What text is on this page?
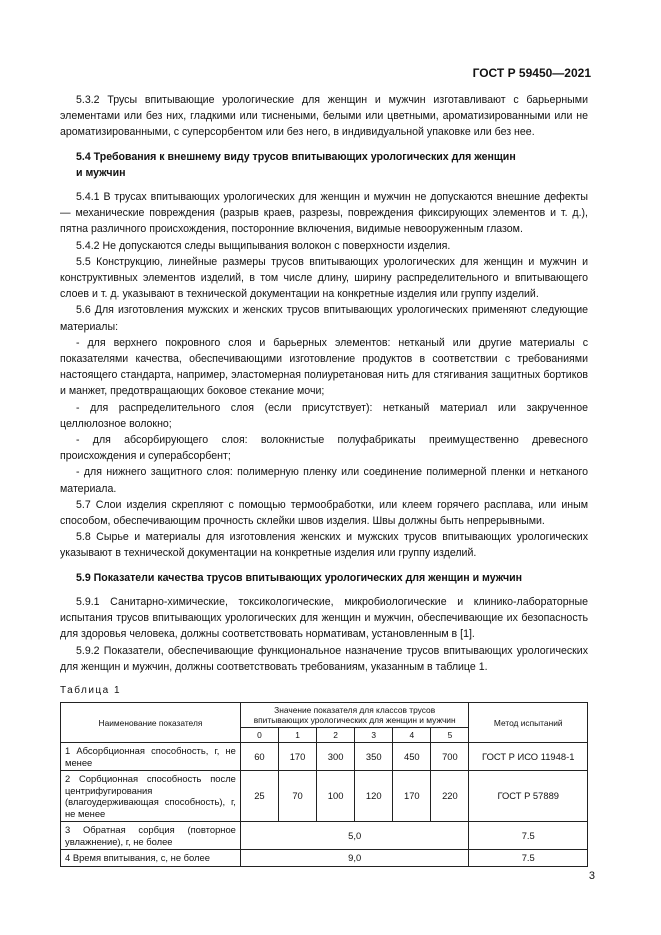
ГОСТ Р 59450—2021

5.3.2 Трусы впитывающие урологические для женщин и мужчин изготавливают с барьерными элементами или без них, гладкими или тиснеными, белыми или цветными, ароматизированными или не ароматизированными, с суперсорбентом или без него, в индивидуальной упаковке или без нее.

5.4 Требования к внешнему виду трусов впитывающих урологических для женщин

и мужчин

5.4.1 В трусах впитывающих урологических для женщин и мужчин не допускаются внешние дефекты — механические повреждения (разрыв краев, разрезы, повреждения фиксирующих элементов и т. д.), пятна различного происхождения, посторонние включения, видимые невооруженным глазом.

5.4.2 Не допускаются следы выщипывания волокон с поверхности изделия.

5.5 Конструкцию, линейные размеры трусов впитывающих урологических для женщин и мужчин и конструктивных элементов изделий, в том числе длину, ширину распределительного и впитывающего слоев и т. д. указывают в технической документации на конкретные изделия или группу изделий.

5.6 Для изготовления мужских и женских трусов впитывающих урологических применяют следующие материалы:

- для верхнего покровного слоя и барьерных элементов: нетканый или другие материалы с показателями качества, обеспечивающими изготовление продуктов в соответствии с требованиями настоящего стандарта, например, эластомерная полиуретановая нить для стягивания защитных бортиков и манжет, предотвращающих боковое стекание мочи;

- для распределительного слоя (если присутствует): нетканый материал или закрученное целлюлозное волокно;

- для абсорбирующего слоя: волокнистые полуфабрикаты преимущественно древесного происхождения и суперабсорбент;

- для нижнего защитного слоя: полимерную пленку или соединение полимерной пленки и нетканого материала.

5.7 Слои изделия скрепляют с помощью термообработки, или клеем горячего расплава, или иным способом, обеспечивающим прочность склейки швов изделия. Швы должны быть непрерывными.

5.8 Сырье и материалы для изготовления женских и мужских трусов впитывающих урологических указывают в технической документации на конкретные изделия или группу изделий.

5.9 Показатели качества трусов впитывающих урологических для женщин и мужчин

5.9.1 Санитарно-химические, токсикологические, микробиологические и клинико-лабораторные испытания трусов впитывающих урологических для женщин и мужчин, обеспечивающие их безопасность для здоровья человека, должны соответствовать нормативам, установленным в [1].

5.9.2 Показатели, обеспечивающие функциональное назначение трусов впитывающих урологических для женщин и мужчин, должны соответствовать требованиям, указанным в таблице 1.

Таблица 1
Наименование показателя	Значение показателя для классов трусов
впитывающих урологических для женщин и мужчин						Метод испытаний
	0	1	2	3	4	5	
1 Абсорбционная способность, г, не менее	60	170	300	350	450	700	ГОСТ Р ИСО 11948-1
2 Сорбционная способность после центрифугирования (влагоудерживающая способность), г, не менее	25	70	100	120	170	220	ГОСТ Р 57889
3 Обратная сорбция (повторное увлажнение), г, не более	5,0						7.5
4 Время впитывания, с, не более	9,0						7.5
3
